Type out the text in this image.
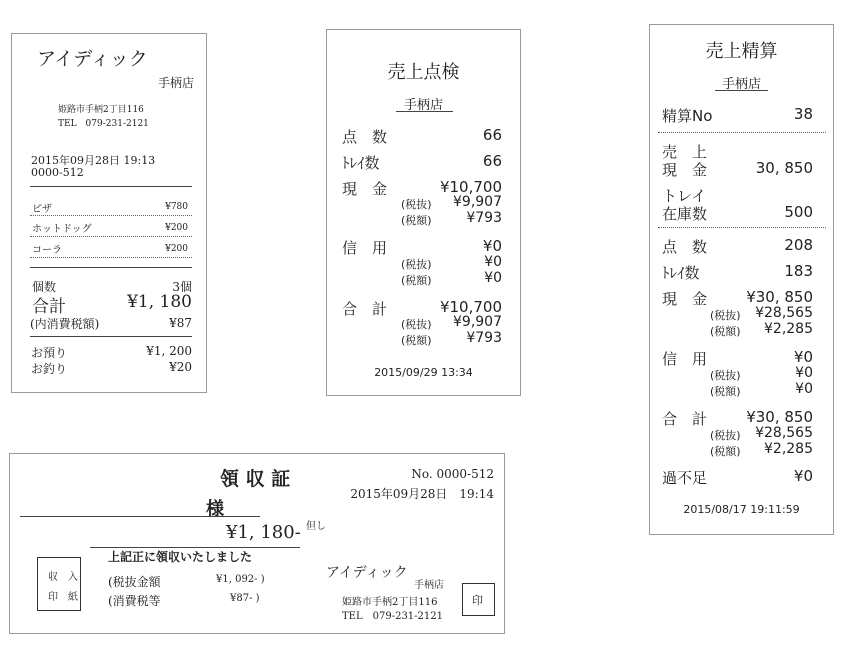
アイディック
手柄店
姫路市手柄2丁目116
TEL　079-231-2121
2015年09月28日 19:13
0000-512
ピザ	¥780
ホットドッグ	¥200
コーラ	¥200
個数	3個
合計	¥1, 180
(内消費税額)	¥87
お預り	¥1, 200
お釣り	¥20
売上点検
手柄店
点　数	66
ﾄﾚｲ数	66
現　金	¥10,700
(税抜) ¥9,907
(税額) ¥793
信　用	¥0
(税抜)	¥0
(税額)	¥0
合　計	¥10,700
(税抜) ¥9,907
(税額) ¥793
2015/09/29 13:34
売上精算
手柄店
精算No	38
売　上
現　金	30, 850
トレイ
在庫数	500
点　数	208
ﾄﾚｲ数	183
現　金	¥30, 850
(税抜) ¥28,565
(税額) ¥2,285
信　用	¥0
(税抜)	¥0
(税額)	¥0
合　計	¥30, 850
(税抜) ¥28,565
(税額) ¥2,285
過不足	¥0
2015/08/17 19:11:59
領 収 証	No. 0000-512
2015年09月28日　19:14
様
¥1, 180- 但し
収　入
印　紙
上記正に領収いたしました
(税抜金額	¥1, 092- )
(消費税等	¥87- )
アイディック
手柄店
姫路市手柄2丁目116
TEL　079-231-2121
印
